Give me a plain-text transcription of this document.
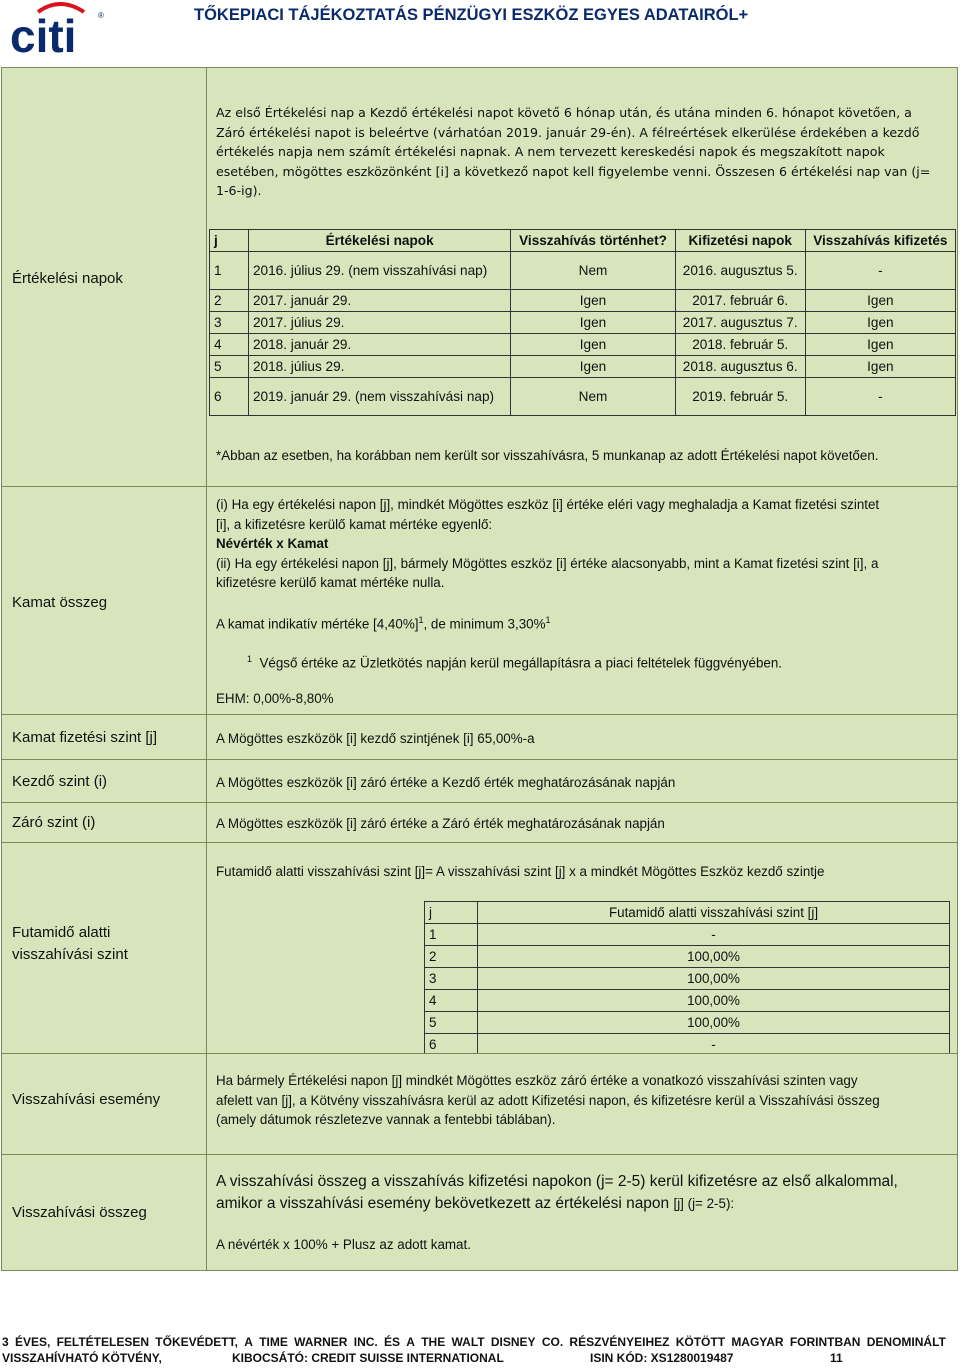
citi	®	TŐKEPIACI TÁJÉKOZTATÁS PÉNZÜGYI ESZKÖZ EGYES ADATAIRÓL+
Értékelési napok
Az első Értékelési nap a Kezdő értékelési napot követő 6 hónap után, és utána minden 6. hónapot követően, a
Záró értékelési napot is beleértve (várhatóan 2019. január 29-én). A félreértések elkerülése érdekében a kezdő
értékelés napja nem számít értékelési napnak. A nem tervezett kereskedési napok és megszakított napok
esetében, mögöttes eszközönként [i] a következő napot kell figyelembe venni. Összesen 6 értékelési nap van (j=
1-6-ig).
j	Értékelési napok	Visszahívás történhet?	Kifizetési napok	Visszahívás kifizetés
1	2016. július 29. (nem visszahívási nap)	Nem	2016. augusztus 5.	-
2	2017. január 29.	Igen	2017. február 6.	Igen
3	2017. július 29.	Igen	2017. augusztus 7.	Igen
4	2018. január 29.	Igen	2018. február 5.	Igen
5	2018. július 29.	Igen	2018. augusztus 6.	Igen
6	2019. január 29. (nem visszahívási nap)	Nem	2019. február 5.	-
*Abban az esetben, ha korábban nem került sor visszahívásra, 5 munkanap az adott Értékelési napot követően.
Kamat összeg
(i) Ha egy értékelési napon [j], mindkét Mögöttes eszköz [i] értéke eléri vagy meghaladja a Kamat fizetési szintet
[i], a kifizetésre kerülő kamat mértéke egyenlő:
Névérték x Kamat
(ii) Ha egy értékelési napon [j], bármely Mögöttes eszköz [i] értéke alacsonyabb, mint a Kamat fizetési szint [i], a
kifizetésre kerülő kamat mértéke nulla.
A kamat indikatív mértéke $[4,40\%]^1$, de minimum 3,30%$^1$
$^1$ Végső értéke az Üzletkötés napján kerül megállapításra a piaci feltételek függvényében.
EHM: 0,00%-8,80%
Kamat fizetési szint [j]	A Mögöttes eszközök [i] kezdő szintjének [i] 65,00%-a
Kezdő szint (i)	A Mögöttes eszközök [i] záró értéke a Kezdő érték meghatározásának napján
Záró szint (i)	A Mögöttes eszközök [i] záró értéke a Záró érték meghatározásának napján
Futamidő alatti
visszahívási szint
Futamidő alatti visszahívási szint [j]= A visszahívási szint [j] x a mindkét Mögöttes Eszköz kezdő szintje
j	Futamidő alatti visszahívási szint [j]
1	-
2	100,00%
3	100,00%
4	100,00%
5	100,00%
6	-
Visszahívási esemény
Ha bármely Értékelési napon [j] mindkét Mögöttes eszköz záró értéke a vonatkozó visszahívási szinten vagy
afelett van [j], a Kötvény visszahívásra kerül az adott Kifizetési napon, és kifizetésre kerül a Visszahívási összeg
(amely dátumok részletezve vannak a fentebbi táblában).
Visszahívási összeg
A visszahívási összeg a visszahívás kifizetési napokon (j= 2-5) kerül kifizetésre az első alkalommal,
amikor a visszahívási esemény bekövetkezett az értékelési napon [j] (j= 2-5):
A névérték x 100% + Plusz az adott kamat.
3 ÉVES, FELTÉTELESEN TŐKEVÉDETT, A TIME WARNER INC. ÉS A THE WALT DISNEY CO. RÉSZVÉNYEIHEZ KÖTÖTT MAGYAR FORINTBAN DENOMINÁLT
VISSZAHÍVHATÓ KÖTVÉNY,	KIBOCSÁTÓ: CREDIT SUISSE INTERNATIONAL	ISIN KÓD: XS1280019487	11
